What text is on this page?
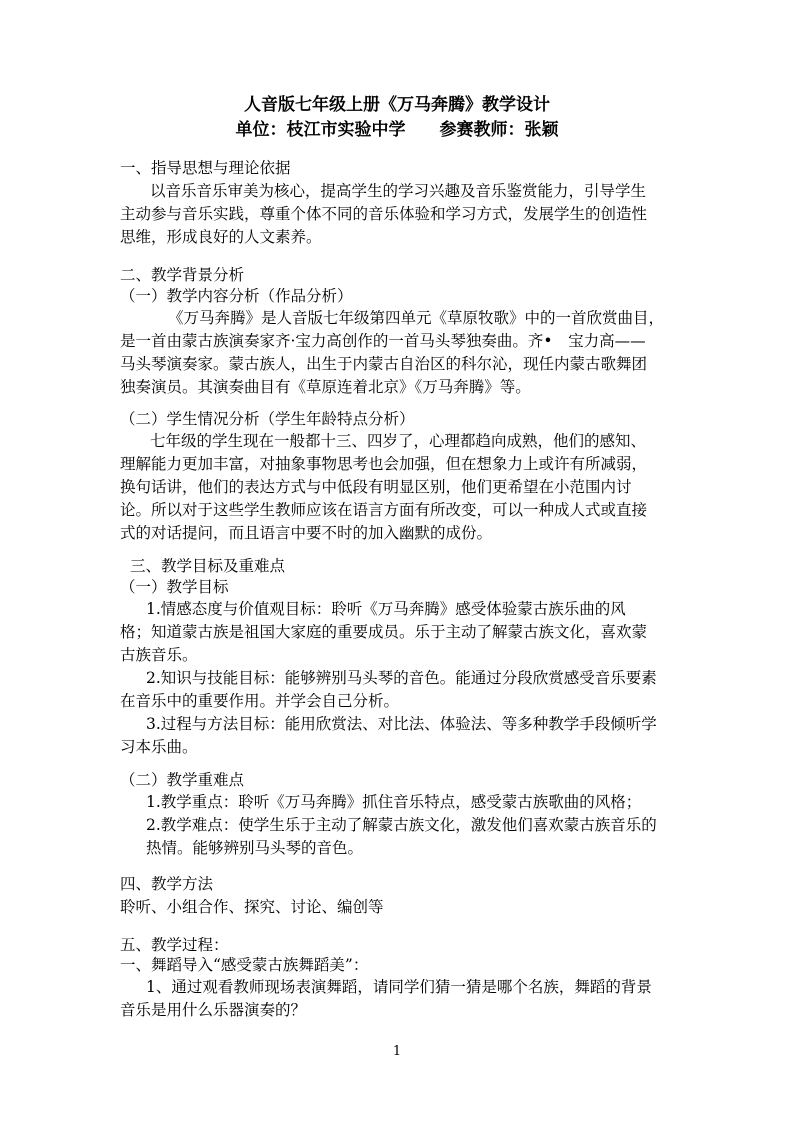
人音版七年级上册《万马奔腾》教学设计
单位：枝江市实验中学　　参赛教师：张颖

一、指导思想与理论依据

以音乐音乐审美为核心，提高学生的学习兴趣及音乐鉴赏能力，引导学生

主动参与音乐实践，尊重个体不同的音乐体验和学习方式，发展学生的创造性

思维，形成良好的人文素养。

二、教学背景分析

（一）教学内容分析（作品分析）

《万马奔腾》是人音版七年级第四单元《草原牧歌》中的一首欣赏曲目，

是一首由蒙古族演奏家齐·宝力高创作的一首马头琴独奏曲。齐•　宝力高——

马头琴演奏家。蒙古族人，出生于内蒙古自治区的科尔沁，现任内蒙古歌舞团

独奏演员。其演奏曲目有《草原连着北京》《万马奔腾》等。

（二）学生情况分析（学生年龄特点分析）

七年级的学生现在一般都十三、四岁了，心理都趋向成熟，他们的感知、

理解能力更加丰富，对抽象事物思考也会加强，但在想象力上或许有所减弱，

换句话讲，他们的表达方式与中低段有明显区别，他们更希望在小范围内讨

论。所以对于这些学生教师应该在语言方面有所改变，可以一种成人式或直接

式的对话提问，而且语言中要不时的加入幽默的成份。

三、教学目标及重难点

（一）教学目标

1.情感态度与价值观目标：聆听《万马奔腾》感受体验蒙古族乐曲的风

格；知道蒙古族是祖国大家庭的重要成员。乐于主动了解蒙古族文化，喜欢蒙

古族音乐。

2.知识与技能目标：能够辨别马头琴的音色。能通过分段欣赏感受音乐要素

在音乐中的重要作用。并学会自己分析。

3.过程与方法目标：能用欣赏法、对比法、体验法、等多种教学手段倾听学

习本乐曲。

（二）教学重难点

1.教学重点：聆听《万马奔腾》抓住音乐特点，感受蒙古族歌曲的风格；

2.教学难点：使学生乐于主动了解蒙古族文化，激发他们喜欢蒙古族音乐的

热情。能够辨别马头琴的音色。

四、教学方法

聆听、小组合作、探究、讨论、编创等

五、教学过程：

一、舞蹈导入“感受蒙古族舞蹈美”：

1、通过观看教师现场表演舞蹈，请同学们猜一猜是哪个名族，舞蹈的背景

音乐是用什么乐器演奏的？

1
